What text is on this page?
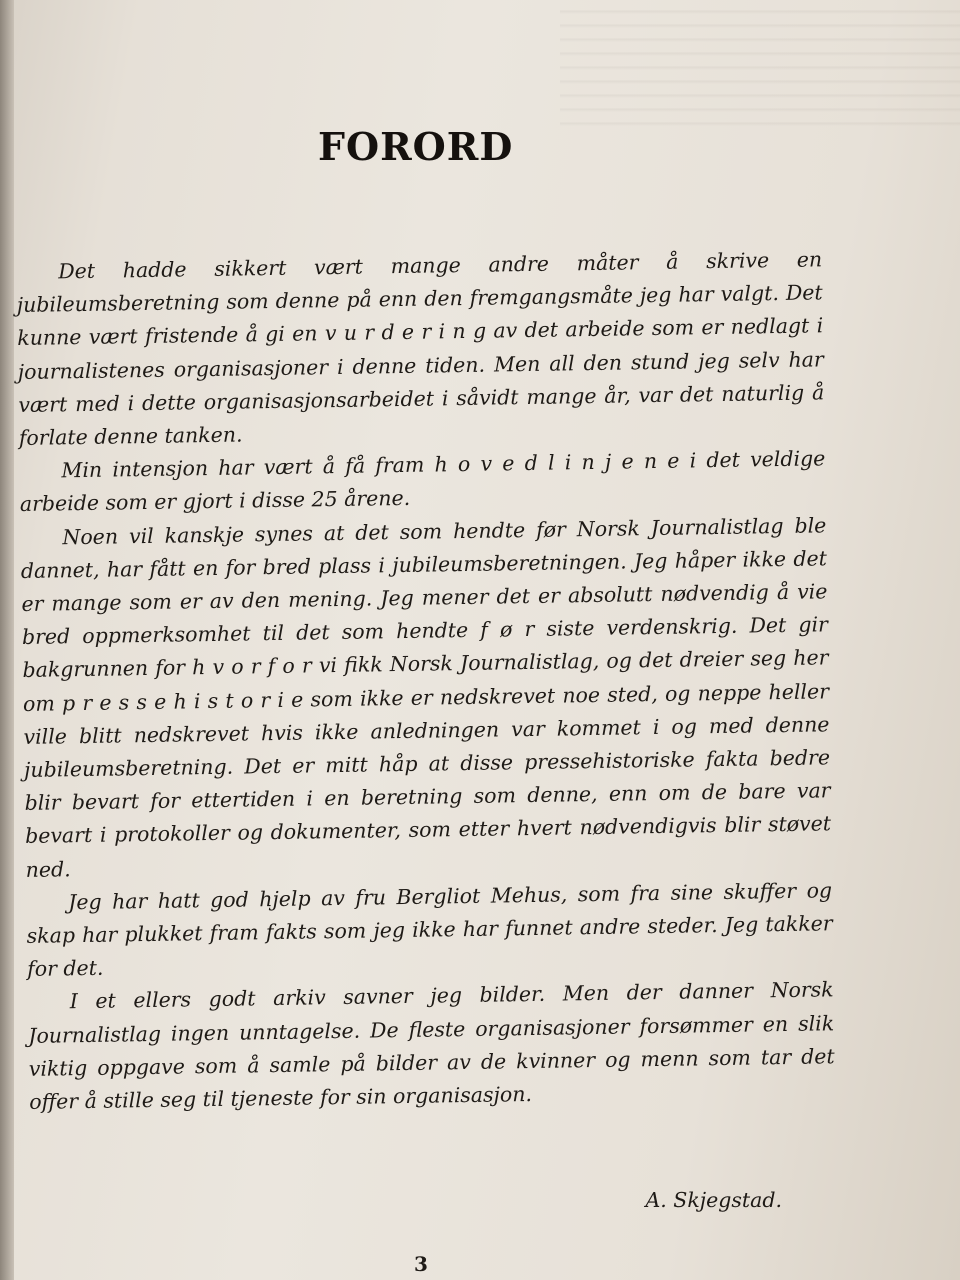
FORORD

Det hadde sikkert vært mange andre måter å skrive en jubileumsberetning som denne på enn den fremgangsmåte jeg har valgt. Det kunne vært fristende å gi en v u r d e r i n g av det arbeide som er nedlagt i journalistenes organisasjoner i denne tiden. Men all den stund jeg selv har vært med i dette organisasjonsarbeidet i såvidt mange år, var det naturlig å forlate denne tanken.

Min intensjon har vært å få fram h o v e d l i n j e n e i det veldige arbeide som er gjort i disse 25 årene.

Noen vil kanskje synes at det som hendte før Norsk Journalistlag ble dannet, har fått en for bred plass i jubileumsberetningen. Jeg håper ikke det er mange som er av den mening. Jeg mener det er absolutt nødvendig å vie bred oppmerksomhet til det som hendte f ø r siste verdenskrig. Det gir bakgrunnen for h v o r f o r vi fikk Norsk Journalistlag, og det dreier seg her om p r e s s e h i s t o r i e som ikke er nedskrevet noe sted, og neppe heller ville blitt nedskrevet hvis ikke anledningen var kommet i og med denne jubileumsberetning. Det er mitt håp at disse pressehistoriske fakta bedre blir bevart for ettertiden i en beretning som denne, enn om de bare var bevart i protokoller og dokumenter, som etter hvert nødvendigvis blir støvet ned.

Jeg har hatt god hjelp av fru Bergliot Mehus, som fra sine skuffer og skap har plukket fram fakts som jeg ikke har funnet andre steder. Jeg takker for det.

I et ellers godt arkiv savner jeg bilder. Men der danner Norsk Journalistlag ingen unntagelse. De fleste organisasjoner forsømmer en slik viktig oppgave som å samle på bilder av de kvinner og menn som tar det offer å stille seg til tjeneste for sin organisasjon.

A. Skjegstad.
3
